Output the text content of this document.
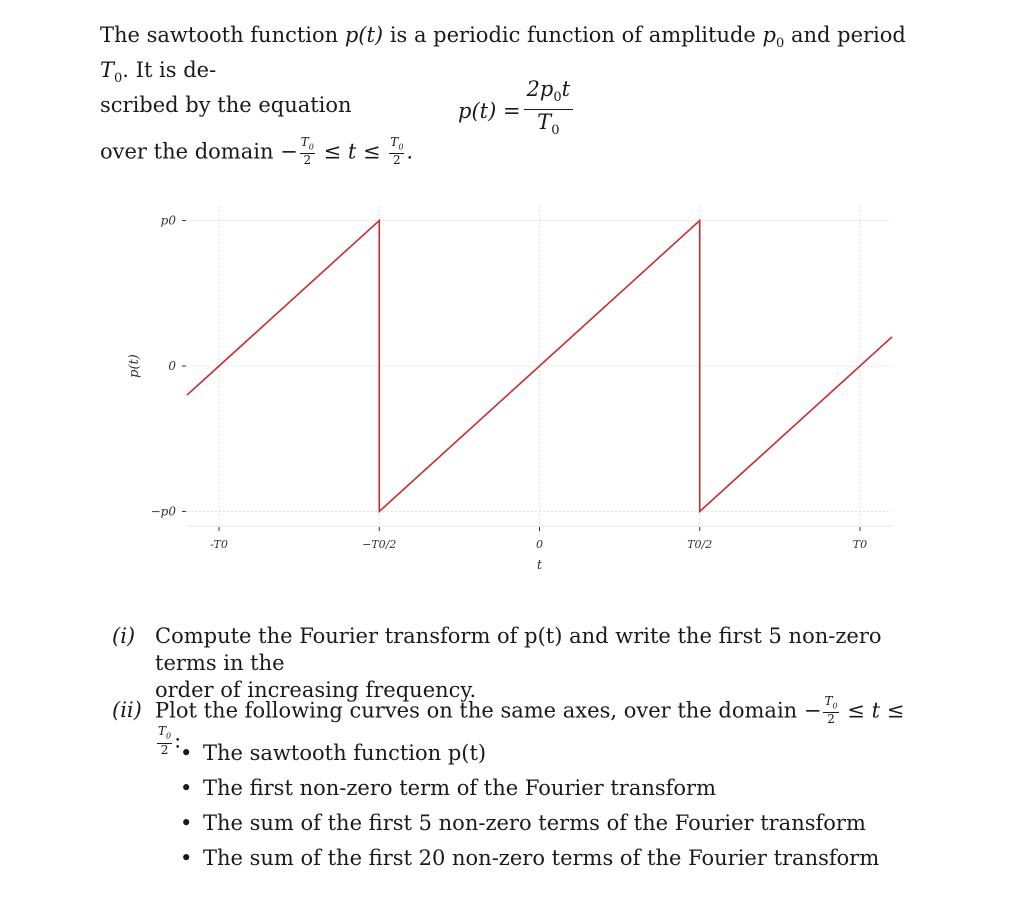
The sawtooth function p(t) is a periodic function of amplitude $p_0$ and period $T_0$. It is de-
scribed by the equation	$p(t) = \frac{2p_0t}{T_0}$
over the domain − $\frac{T_0}{2} \le t \le \frac{T_0}{2}$ .
−p0
0
p0
-T0	−T0/2	0	T0/2	T0
t
p(t)
(i) Compute the Fourier transform of p(t) and write the first 5 non-zero terms in the
order of increasing frequency.
(ii) Plot the following curves on the same axes, over the domain − $\frac{T_0}{2} \le t$ ≤
$\frac{T_0}{2}$ :
• The sawtooth function p(t)
• The first non-zero term of the Fourier transform
• The sum of the first 5 non-zero terms of the Fourier transform
• The sum of the first 20 non-zero terms of the Fourier transform
